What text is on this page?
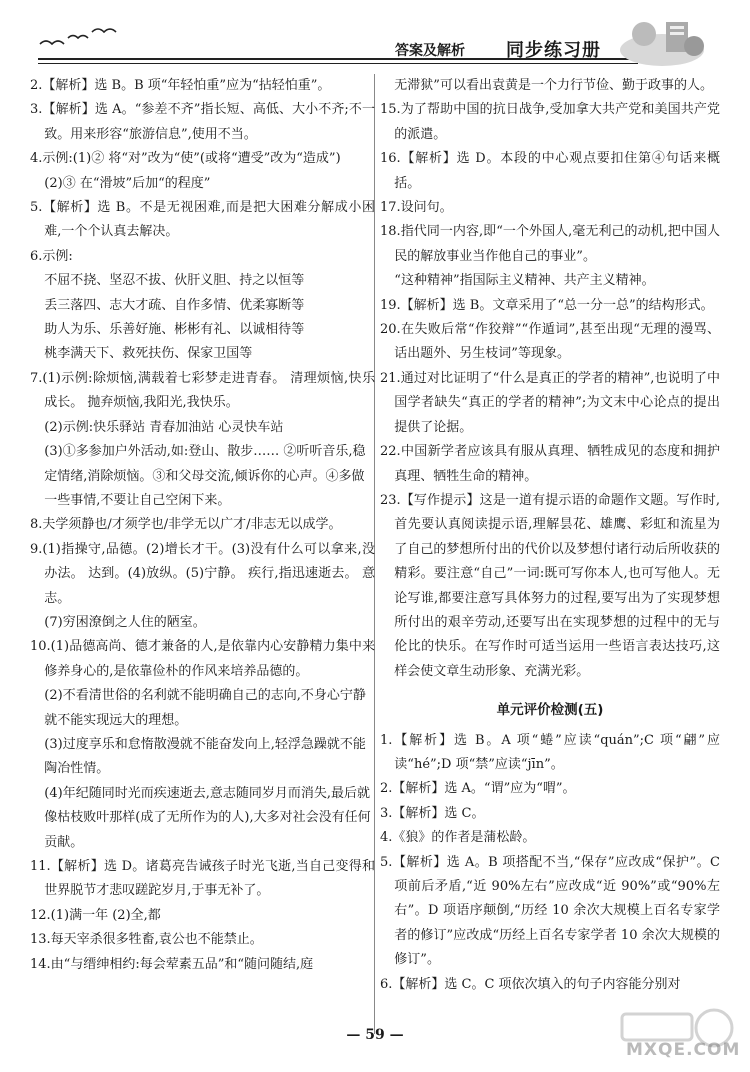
答案及解析 同步练习册

2.【解析】选 B。B 项“年轻怕重”应为“拈轻怕重”。

3.【解析】选 A。“参差不齐”指长短、高低、大小不齐;不一致。用来形容“旅游信息”,使用不当。

4.示例:(1)② 将“对”改为“使”(或将“遭受”改为“造成”)

(2)③ 在“滑坡”后加“的程度”

5.【解析】选 B。不是无视困难,而是把大困难分解成小困难,一个个认真去解决。

6.示例:

不屈不挠、坚忍不拔、伙肝义胆、持之以恒等

丢三落四、志大才疏、自作多情、优柔寡断等

助人为乐、乐善好施、彬彬有礼、以诚相待等

桃李满天下、救死扶伤、保家卫国等

7.(1)示例:除烦恼,满载着七彩梦走进青春。 清理烦恼,快乐成长。 抛弃烦恼,我阳光,我快乐。

(2)示例:快乐驿站 青春加油站 心灵快车站

(3)①多参加户外活动,如:登山、散步…… ②听听音乐,稳定情绪,消除烦恼。③和父母交流,倾诉你的心声。④多做一些事情,不要让自己空闲下来。

8.夫学须静也/才须学也/非学无以广才/非志无以成学。

9.(1)指操守,品德。(2)增长才干。(3)没有什么可以拿来,没办法。 达到。(4)放纵。(5)宁静。 疾行,指迅速逝去。 意志。

(7)穷困潦倒之人住的陋室。

10.(1)品德高尚、德才兼备的人,是依靠内心安静精力集中来修养身心的,是依靠俭朴的作风来培养品德的。

(2)不看清世俗的名利就不能明确自己的志向,不身心宁静就不能实现远大的理想。

(3)过度享乐和怠惰散漫就不能奋发向上,轻浮急躁就不能陶冶性情。

(4)年纪随同时光而疾速逝去,意志随同岁月而消失,最后就像枯枝败叶那样(成了无所作为的人),大多对社会没有任何贡献。

11.【解析】选 D。诸葛亮告诫孩子时光飞逝,当自己变得和世界脱节才悲叹蹉跎岁月,于事无补了。

12.(1)满一年 (2)全,都

13.每天宰杀很多牲畜,袁公也不能禁止。

14.由“与缙绅相约:每会荤素五品”和“随问随结,庭

无滞狱”可以看出袁黄是一个力行节俭、勤于政事的人。

15.为了帮助中国的抗日战争,受加拿大共产党和美国共产党的派遣。

16.【解析】选 D。本段的中心观点要扣住第④句话来概括。

17.设问句。

18.指代同一内容,即“一个外国人,毫无利己的动机,把中国人民的解放事业当作他自己的事业”。

“这种精神”指国际主义精神、共产主义精神。

19.【解析】选 B。文章采用了“总一分一总”的结构形式。

20.在失败后常“作狡辩”“作遁词”,甚至出现“无理的漫骂、话出题外、另生枝词”等现象。

21.通过对比证明了“什么是真正的学者的精神”,也说明了中国学者缺失“真正的学者的精神”;为文末中心论点的提出提供了论据。

22.中国新学者应该具有服从真理、牺牲成见的态度和拥护真理、牺牲生命的精神。

23.【写作提示】这是一道有提示语的命题作文题。写作时,首先要认真阅读提示语,理解昙花、雄鹰、彩虹和流星为了自己的梦想所付出的代价以及梦想付诸行动后所收获的精彩。要注意“自己”一词:既可写你本人,也可写他人。无论写谁,都要注意写具体努力的过程,要写出为了实现梦想所付出的艰辛劳动,还要写出在实现梦想的过程中的无与伦比的快乐。在写作时可适当运用一些语言表达技巧,这样会使文章生动形象、充满光彩。

单元评价检测(五)

1.【解析】选 B。A 项“蜷”应读“quán”;C 项“翩”应读“hé”;D 项“禁”应读“jīn”。

2.【解析】选 A。“谓”应为“喟”。

3.【解析】选 C。

4.《狼》的作者是蒲松龄。

5.【解析】选 A。B 项搭配不当,“保存”应改成“保护”。C 项前后矛盾,“近 90%左右”应改成“近 90%”或“90%左右”。D 项语序颠倒,“历经 10 余次大规模上百名专家学者的修订”应改成“历经上百名专家学者 10 余次大规模的修订”。

6.【解析】选 C。C 项依次填入的句子内容能分别对

— 59 —
MXQE.COM
